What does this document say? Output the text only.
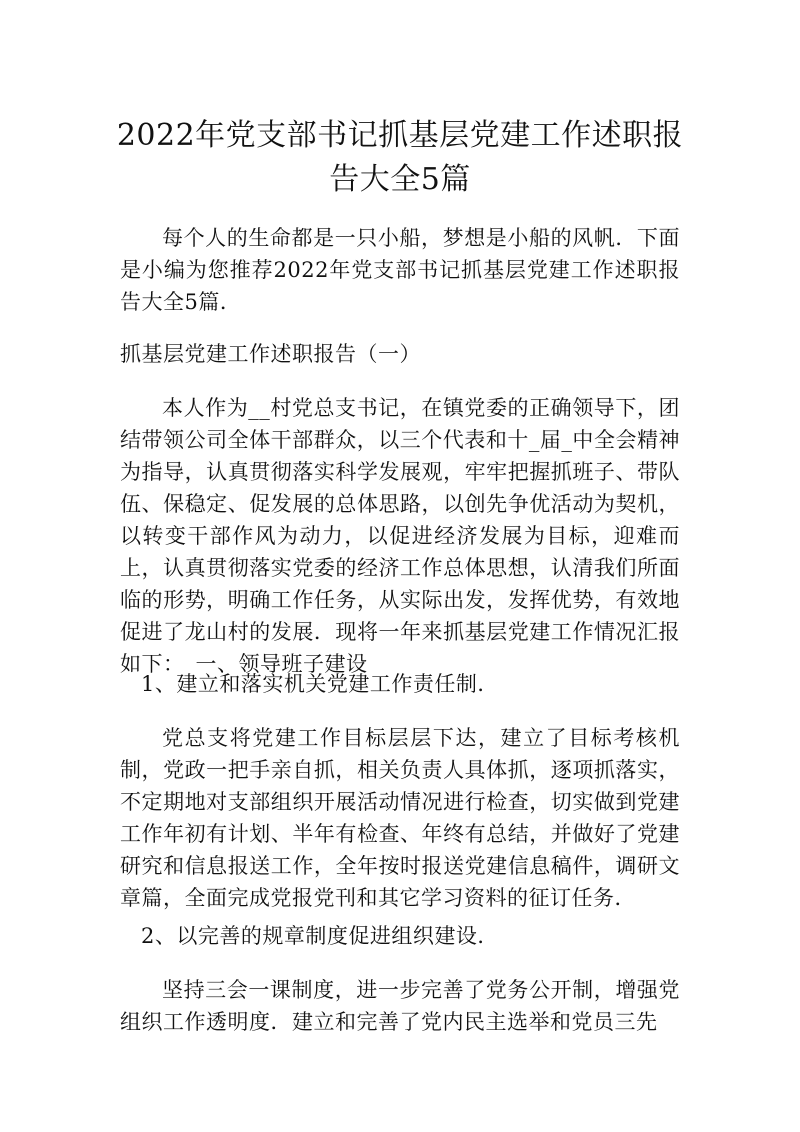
2022年党支部书记抓基层党建工作述职报告大全5篇

每个人的生命都是一只小船，梦想是小船的风帆．下面是小编为您推荐2022年党支部书记抓基层党建工作述职报告大全5篇．

抓基层党建工作述职报告（一）

本人作为__村党总支书记，在镇党委的正确领导下，团结带领公司全体干部群众，以三个代表和十_届_中全会精神为指导，认真贯彻落实科学发展观，牢牢把握抓班子、带队伍、保稳定、促发展的总体思路，以创先争优活动为契机，以转变干部作风为动力，以促进经济发展为目标，迎难而上，认真贯彻落实党委的经济工作总体思想，认清我们所面临的形势，明确工作任务，从实际出发，发挥优势，有效地促进了龙山村的发展．现将一年来抓基层党建工作情况汇报如下：　一、领导班子建设

1、建立和落实机关党建工作责任制．

党总支将党建工作目标层层下达，建立了目标考核机制，党政一把手亲自抓，相关负责人具体抓，逐项抓落实，不定期地对支部组织开展活动情况进行检查，切实做到党建工作年初有计划、半年有检查、年终有总结，并做好了党建研究和信息报送工作，全年按时报送党建信息稿件，调研文章篇，全面完成党报党刊和其它学习资料的征订任务．

2、以完善的规章制度促进组织建设．

坚持三会一课制度，进一步完善了党务公开制，增强党组织工作透明度．建立和完善了党内民主选举和党员三先
